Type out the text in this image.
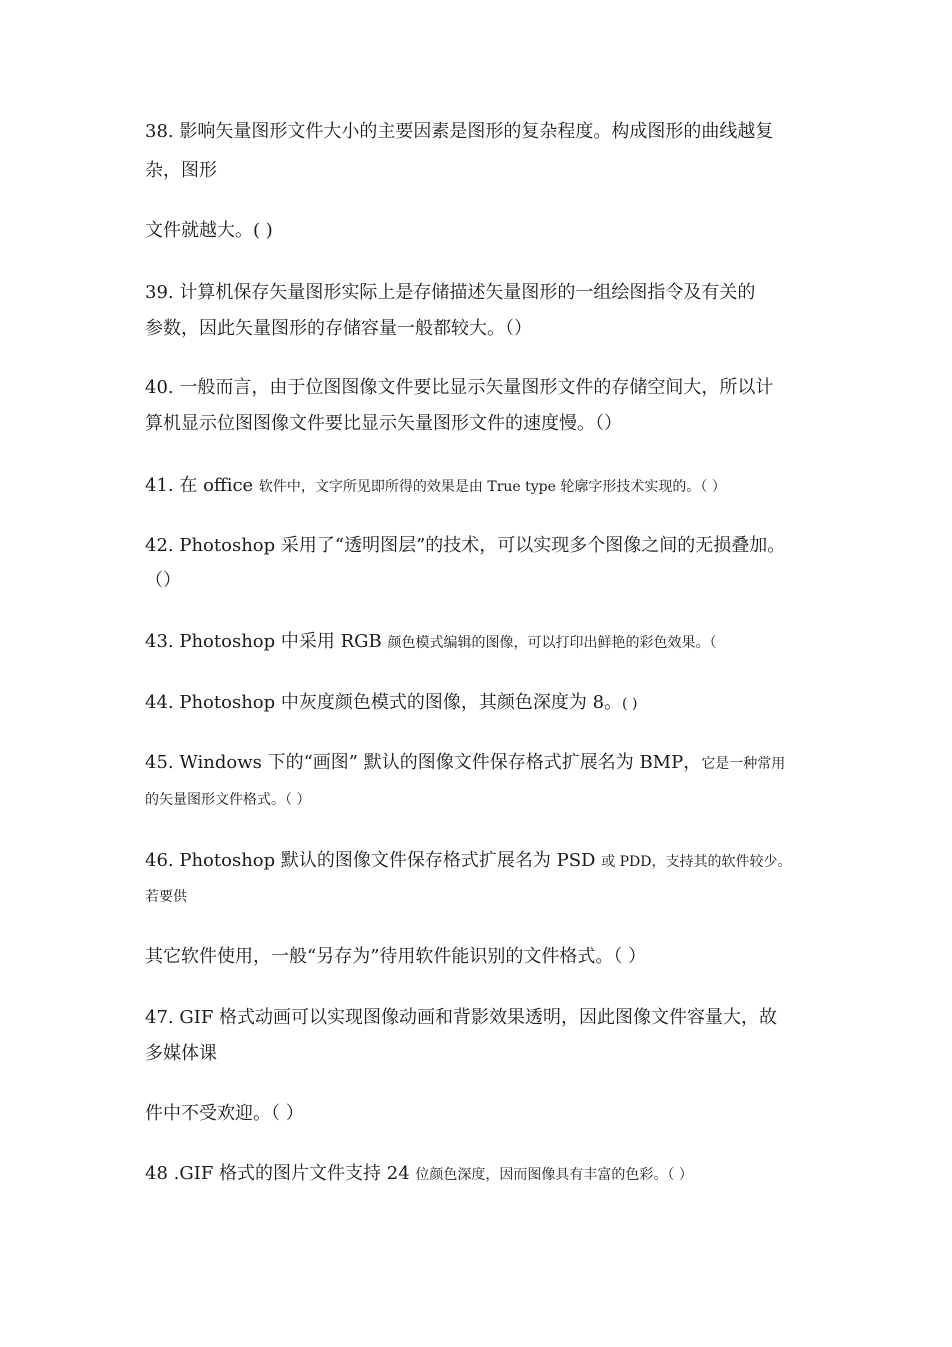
38. 影响矢量图形文件大小的主要因素是图形的复杂程度。构成图形的曲线越复
杂，图形
文件就越大。( )
39. 计算机保存矢量图形实际上是存储描述矢量图形的一组绘图指令及有关的
参数，因此矢量图形的存储容量一般都较大。（）
40. 一般而言，由于位图图像文件要比显示矢量图形文件的存储空间大，所以计
算机显示位图图像文件要比显示矢量图形文件的速度慢。（）
41. 在 office 软件中，文字所见即所得的效果是由 True type 轮廓字形技术实现的。（ ）
42. Photoshop 采用了“透明图层”的技术，可以实现多个图像之间的无损叠加。
（）
43. Photoshop 中采用 RGB 颜色模式编辑的图像，可以打印出鲜艳的彩色效果。（
44. Photoshop 中灰度颜色模式的图像，其颜色深度为 8。( )
45. Windows 下的“画图” 默认的图像文件保存格式扩展名为 BMP，它是一种常用
的矢量图形文件格式。（ ）
46. Photoshop 默认的图像文件保存格式扩展名为 PSD 或 PDD，支持其的软件较少。
若要供
其它软件使用，一般“另存为”待用软件能识别的文件格式。（ ）
47. GIF 格式动画可以实现图像动画和背影效果透明，因此图像文件容量大，故
多媒体课
件中不受欢迎。（ ）
48 .GIF 格式的图片文件支持 24 位颜色深度，因而图像具有丰富的色彩。（ ）
